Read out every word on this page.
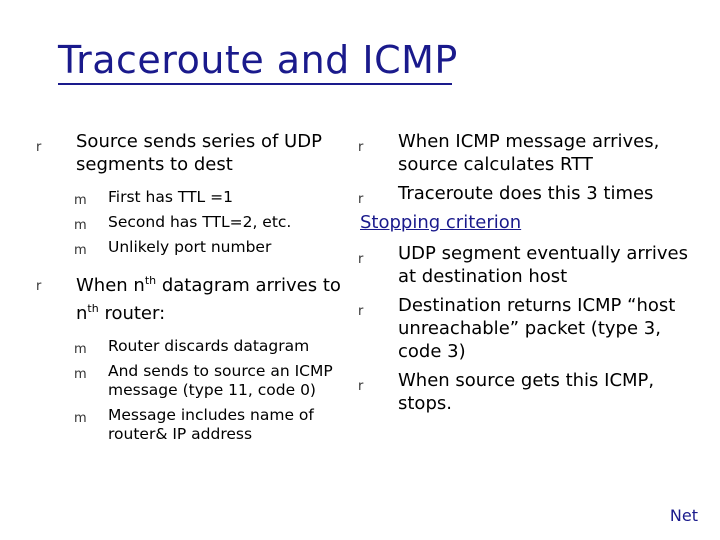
Traceroute and ICMP
r Source sends series of UDP segments to dest
m First has TTL =1
m Second has TTL=2, etc.
m Unlikely port number
r When $n^{th}$ datagram arrives to $n^{th}$ router:
m Router discards datagram
m And sends to source an ICMP message (type 11, code 0)
m Message includes name of router& IP address
r When ICMP message arrives, source calculates RTT
r Traceroute does this 3 times
Stopping criterion
r UDP segment eventually arrives at destination host
r Destination returns ICMP “host unreachable” packet (type 3, code 3)
r When source gets this ICMP, stops.
Net
